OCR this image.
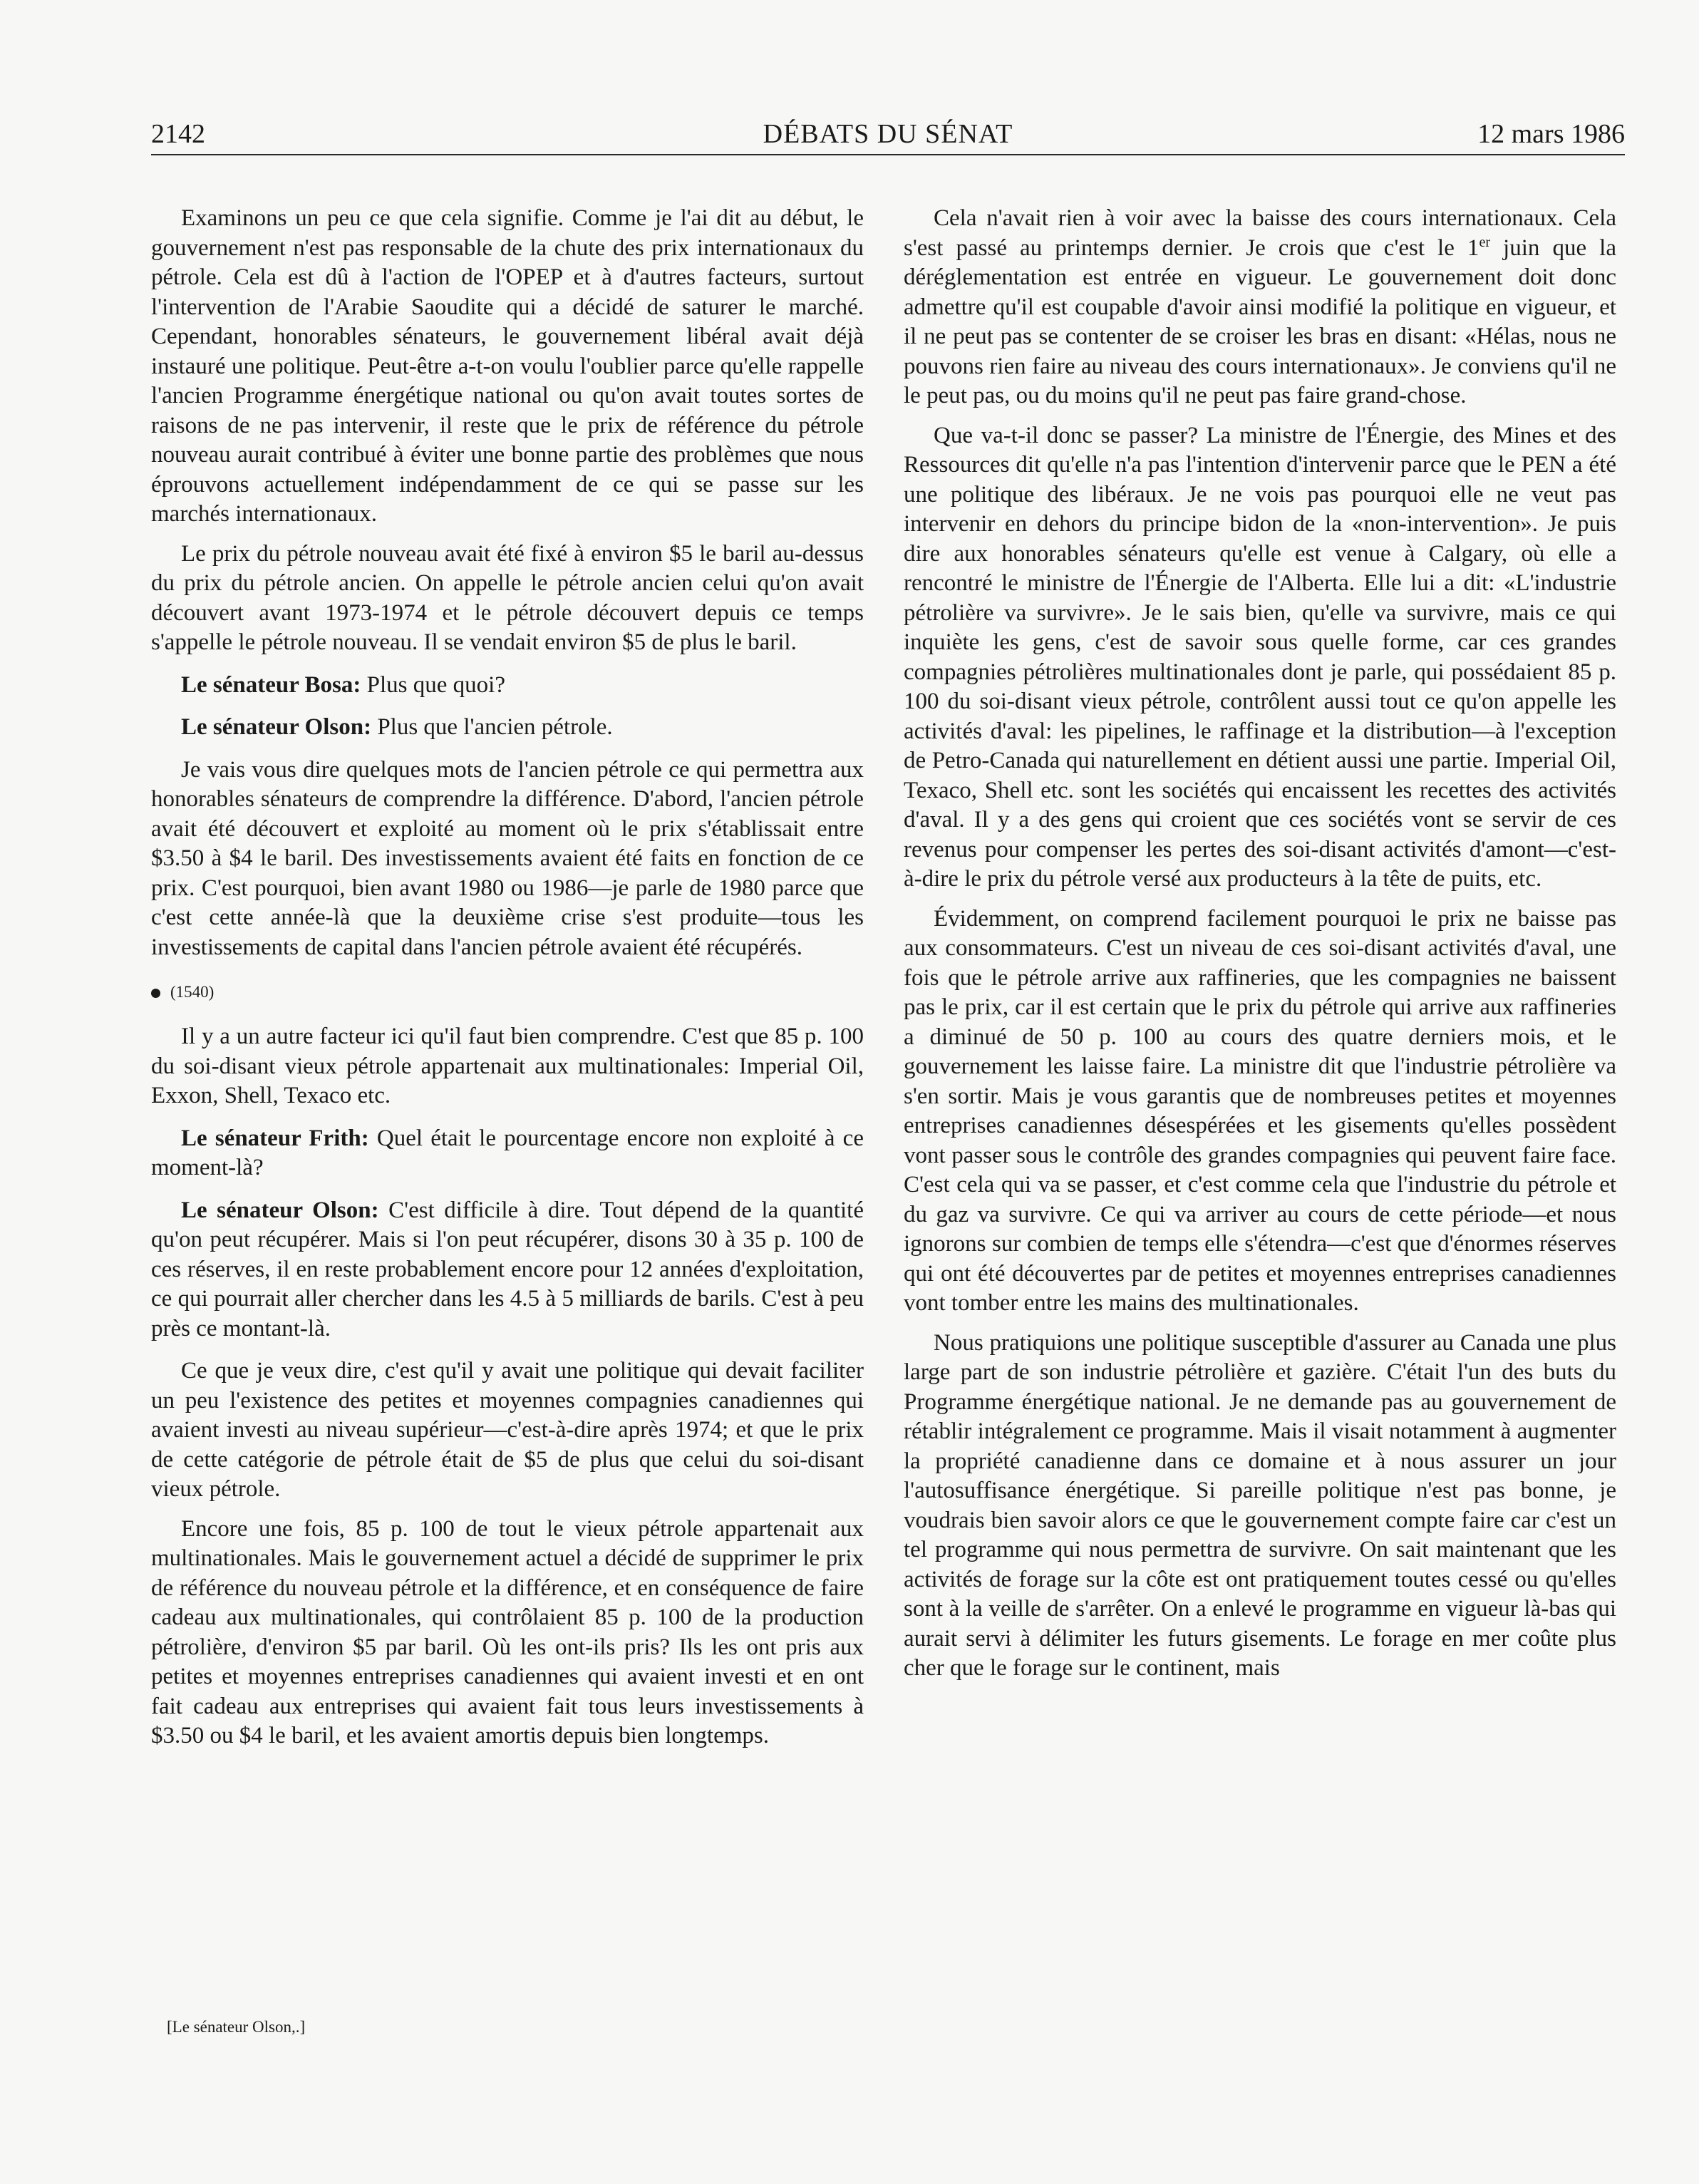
2142	DÉBATS DU SÉNAT	12 mars 1986

Examinons un peu ce que cela signifie. Comme je l'ai dit au début, le gouvernement n'est pas responsable de la chute des prix internationaux du pétrole. Cela est dû à l'action de l'OPEP et à d'autres facteurs, surtout l'intervention de l'Arabie Saoudite qui a décidé de saturer le marché. Cependant, honorables sénateurs, le gouvernement libéral avait déjà instauré une politique. Peut-être a-t-on voulu l'oublier parce qu'elle rappelle l'ancien Programme énergétique national ou qu'on avait toutes sortes de raisons de ne pas intervenir, il reste que le prix de référence du pétrole nouveau aurait contribué à éviter une bonne partie des problèmes que nous éprouvons actuellement indépendamment de ce qui se passe sur les marchés internationaux.

Le prix du pétrole nouveau avait été fixé à environ $5 le baril au-dessus du prix du pétrole ancien. On appelle le pétrole ancien celui qu'on avait découvert avant 1973-1974 et le pétrole découvert depuis ce temps s'appelle le pétrole nouveau. Il se vendait environ $5 de plus le baril.

Le sénateur Bosa: Plus que quoi?

Le sénateur Olson: Plus que l'ancien pétrole.

Je vais vous dire quelques mots de l'ancien pétrole ce qui permettra aux honorables sénateurs de comprendre la différence. D'abord, l'ancien pétrole avait été découvert et exploité au moment où le prix s'établissait entre $3.50 à $4 le baril. Des investissements avaient été faits en fonction de ce prix. C'est pourquoi, bien avant 1980 ou 1986—je parle de 1980 parce que c'est cette année-là que la deuxième crise s'est produite—tous les investissements de capital dans l'ancien pétrole avaient été récupérés.

(1540)

Il y a un autre facteur ici qu'il faut bien comprendre. C'est que 85 p. 100 du soi-disant vieux pétrole appartenait aux multinationales: Imperial Oil, Exxon, Shell, Texaco etc.

Le sénateur Frith: Quel était le pourcentage encore non exploité à ce moment-là?

Le sénateur Olson: C'est difficile à dire. Tout dépend de la quantité qu'on peut récupérer. Mais si l'on peut récupérer, disons 30 à 35 p. 100 de ces réserves, il en reste probablement encore pour 12 années d'exploitation, ce qui pourrait aller chercher dans les 4.5 à 5 milliards de barils. C'est à peu près ce montant-là.

Ce que je veux dire, c'est qu'il y avait une politique qui devait faciliter un peu l'existence des petites et moyennes compagnies canadiennes qui avaient investi au niveau supérieur—c'est-à-dire après 1974; et que le prix de cette catégorie de pétrole était de $5 de plus que celui du soi-disant vieux pétrole.

Encore une fois, 85 p. 100 de tout le vieux pétrole appartenait aux multinationales. Mais le gouvernement actuel a décidé de supprimer le prix de référence du nouveau pétrole et la différence, et en conséquence de faire cadeau aux multinationales, qui contrôlaient 85 p. 100 de la production pétrolière, d'environ $5 par baril. Où les ont-ils pris? Ils les ont pris aux petites et moyennes entreprises canadiennes qui avaient investi et en ont fait cadeau aux entreprises qui avaient fait tous leurs investissements à $3.50 ou $4 le baril, et les avaient amortis depuis bien longtemps.

[Le sénateur Olson,.]

Cela n'avait rien à voir avec la baisse des cours internationaux. Cela s'est passé au printemps dernier. Je crois que c'est le 1er juin que la déréglementation est entrée en vigueur. Le gouvernement doit donc admettre qu'il est coupable d'avoir ainsi modifié la politique en vigueur, et il ne peut pas se contenter de se croiser les bras en disant: «Hélas, nous ne pouvons rien faire au niveau des cours internationaux». Je conviens qu'il ne le peut pas, ou du moins qu'il ne peut pas faire grand-chose.

Que va-t-il donc se passer? La ministre de l'Énergie, des Mines et des Ressources dit qu'elle n'a pas l'intention d'intervenir parce que le PEN a été une politique des libéraux. Je ne vois pas pourquoi elle ne veut pas intervenir en dehors du principe bidon de la «non-intervention». Je puis dire aux honorables sénateurs qu'elle est venue à Calgary, où elle a rencontré le ministre de l'Énergie de l'Alberta. Elle lui a dit: «L'industrie pétrolière va survivre». Je le sais bien, qu'elle va survivre, mais ce qui inquiète les gens, c'est de savoir sous quelle forme, car ces grandes compagnies pétrolières multinationales dont je parle, qui possédaient 85 p. 100 du soi-disant vieux pétrole, contrôlent aussi tout ce qu'on appelle les activités d'aval: les pipelines, le raffinage et la distribution—à l'exception de Petro-Canada qui naturellement en détient aussi une partie. Imperial Oil, Texaco, Shell etc. sont les sociétés qui encaissent les recettes des activités d'aval. Il y a des gens qui croient que ces sociétés vont se servir de ces revenus pour compenser les pertes des soi-disant activités d'amont—c'est-à-dire le prix du pétrole versé aux producteurs à la tête de puits, etc.

Évidemment, on comprend facilement pourquoi le prix ne baisse pas aux consommateurs. C'est un niveau de ces soi-disant activités d'aval, une fois que le pétrole arrive aux raffineries, que les compagnies ne baissent pas le prix, car il est certain que le prix du pétrole qui arrive aux raffineries a diminué de 50 p. 100 au cours des quatre derniers mois, et le gouvernement les laisse faire. La ministre dit que l'industrie pétrolière va s'en sortir. Mais je vous garantis que de nombreuses petites et moyennes entreprises canadiennes désespérées et les gisements qu'elles possèdent vont passer sous le contrôle des grandes compagnies qui peuvent faire face. C'est cela qui va se passer, et c'est comme cela que l'industrie du pétrole et du gaz va survivre. Ce qui va arriver au cours de cette période—et nous ignorons sur combien de temps elle s'étendra—c'est que d'énormes réserves qui ont été découvertes par de petites et moyennes entreprises canadiennes vont tomber entre les mains des multinationales.

Nous pratiquions une politique susceptible d'assurer au Canada une plus large part de son industrie pétrolière et gazière. C'était l'un des buts du Programme énergétique national. Je ne demande pas au gouvernement de rétablir intégralement ce programme. Mais il visait notamment à augmenter la propriété canadienne dans ce domaine et à nous assurer un jour l'autosuffisance énergétique. Si pareille politique n'est pas bonne, je voudrais bien savoir alors ce que le gouvernement compte faire car c'est un tel programme qui nous permettra de survivre. On sait maintenant que les activités de forage sur la côte est ont pratiquement toutes cessé ou qu'elles sont à la veille de s'arrêter. On a enlevé le programme en vigueur là-bas qui aurait servi à délimiter les futurs gisements. Le forage en mer coûte plus cher que le forage sur le continent, mais
